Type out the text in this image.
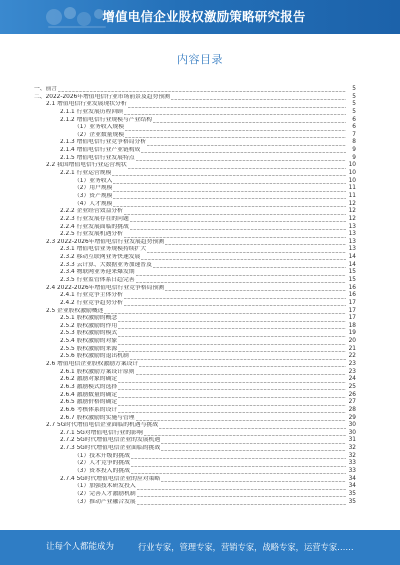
增值电信企业股权激励策略研究报告
内容目录
一、前言	5
二、2022-2026年增值电信行业市场前景及趋势预测	5
2.1 增值电信行业发展现状分析	5
2.1.1 行业发展历程回顾	5
2.1.2 增值电信行业规模与产业结构	6
（1）业务收入规模	6
（2）企业数量规模	7
2.1.3 增值电信行业竞争格局分析	8
2.1.4 增值电信行业产业链构成	9
2.1.5 增值电信行业发展特点	9
2.2 我国增值电信行业运营现状	10
2.2.1 行业运营规模	10
（1）业务收入	10
（2）用户规模	11
（3）资产规模	11
（4）人才规模	12
2.2.2 企业经营效益分析	12
2.2.3 行业发展存在的问题	12
2.2.4 行业发展面临的挑战	13
2.2.5 行业发展机遇分析	13
2.3 2022-2026年增值电信行业发展趋势预测	13
2.3.1 增值电信业务规模持续扩大	13
2.3.2 移动互联网业务快速发展	14
2.3.3 云计算、大数据业务加速普及	14
2.3.4 物联网业务迎来爆发期	15
2.3.5 行业监管体系日趋完善	15
2.4 2022-2026年增值电信行业竞争格局预测	16
2.4.1 行业竞争主体分析	16
2.4.2 行业竞争趋势分析	17
2.5 企业股权激励概述	17
2.5.1 股权激励的概念	17
2.5.2 股权激励的作用	18
2.5.3 股权激励的模式	19
2.5.4 股权激励的对象	20
2.5.5 股权激励的来源	21
2.5.6 股权激励的退出机制	22
2.6 增值电信企业股权激励方案设计	23
2.6.1 股权激励方案设计原则	23
2.6.2 激励对象的确定	24
2.6.3 激励模式的选择	25
2.6.4 激励数量的确定	26
2.6.5 激励价格的确定	27
2.6.6 考核体系的设计	28
2.6.7 股权激励的实施与管理	29
2.7 5G时代增值电信企业面临的机遇与挑战	30
2.7.1 5G对增值电信行业的影响	30
2.7.2 5G时代增值电信企业的发展机遇	31
2.7.3 5G时代增值电信企业面临的挑战	32
（1）技术升级的挑战	32
（2）人才竞争的挑战	33
（3）资本投入的挑战	33
2.7.4 5G时代增值电信企业的应对策略	34
（1）加强技术研发投入	34
（2）完善人才激励机制	35
（3）推动产业融合发展	35
让每个人都能成为	行业专家，管理专家，营销专家，战略专家，运营专家……
